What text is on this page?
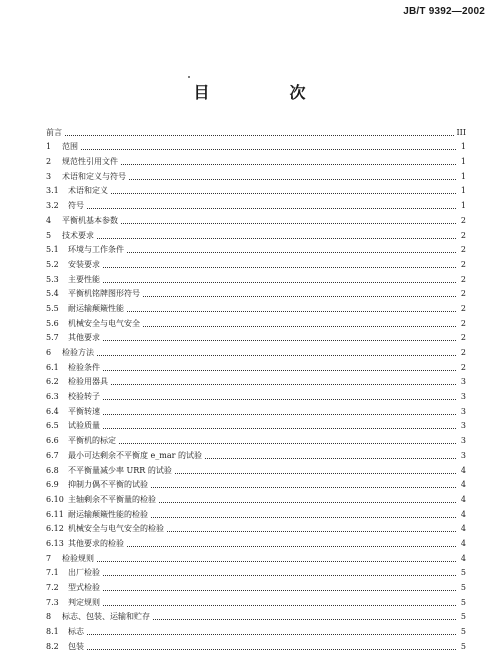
JB/T 9392—2002
目　次
前言	III
1	范围	1
2	规范性引用文件	1
3	术语和定义与符号	1
3.1	术语和定义	1
3.2	符号	1
4	平衡机基本参数	2
5	技术要求	2
5.1	环境与工作条件	2
5.2	安装要求	2
5.3	主要性能	2
5.4	平衡机铭牌图形符号	2
5.5	耐运输颠簸性能	2
5.6	机械安全与电气安全	2
5.7	其他要求	2
6	检验方法	2
6.1	检验条件	2
6.2	检验用器具	3
6.3	校验转子	3
6.4	平衡转速	3
6.5	试验质量	3
6.6	平衡机的标定	3
6.7	最小可达剩余不平衡度 e_mar 的试验	3
6.8	不平衡量减少率 URR 的试验	4
6.9	抑制力偶不平衡的试验	4
6.10 主轴剩余不平衡量的检验	4
6.11 耐运输颠簸性能的检验	4
6.12 机械安全与电气安全的检验	4
6.13 其他要求的检验	4
7	检验规则	4
7.1	出厂检验	5
7.2	型式检验	5
7.3	判定规则	5
8	标志、包装、运输和贮存	5
8.1	标志	5
8.2	包装	5
